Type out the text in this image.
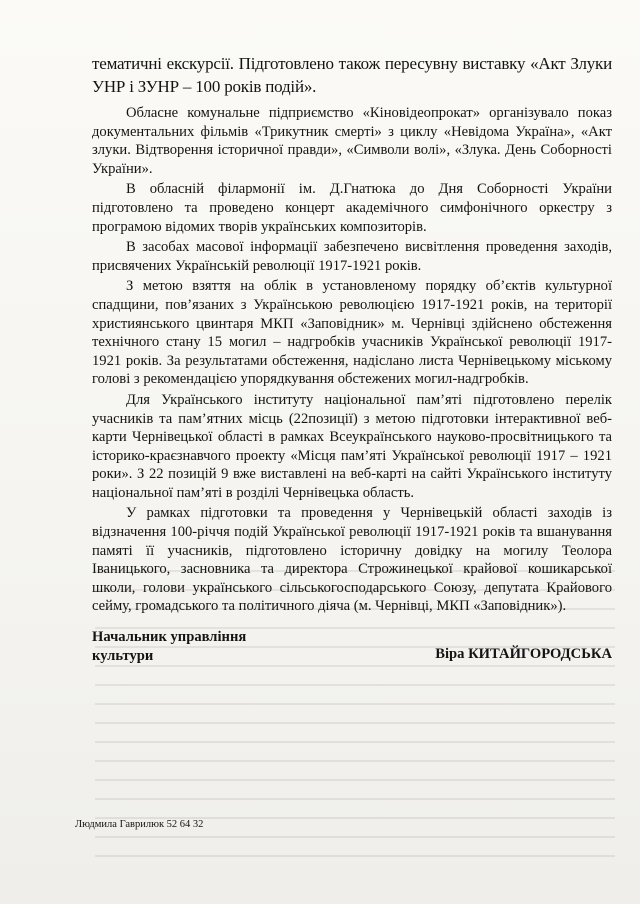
тематичні екскурсії. Підготовлено також пересувну виставку «Акт Злуки УНР і ЗУНР – 100 років подій».

Обласне комунальне підприємство «Кіновідеопрокат» організувало показ документальних фільмів «Трикутник смерті» з циклу «Невідома Україна», «Акт злуки. Відтворення історичної правди», «Символи волі», «Злука. День Соборності України».

В обласній філармонії ім. Д.Гнатюка до Дня Соборності України підготовлено та проведено концерт академічного симфонічного оркестру з програмою відомих творів українських композиторів.

В засобах масової інформації забезпечено висвітлення проведення заходів, присвячених Українській революції 1917-1921 років.

З метою взяття на облік в установленому порядку об’єктів культурної спадщини, пов’язаних з Українською революцією 1917-1921 років, на території християнського цвинтаря МКП «Заповідник» м. Чернівці здійснено обстеження технічного стану 15 могил – надгробків учасників Української революції 1917-1921 років. За результатами обстеження, надіслано листа Чернівецькому міському голові з рекомендацією упорядкування обстежених могил-надгробків.

Для Українського інституту національної пам’яті підготовлено перелік учасників та пам’ятних місць (22позиції) з метою підготовки інтерактивної веб-карти Чернівецької області в рамках Всеукраїнського науково-просвітницького та історико-краєзнавчого проекту «Місця пам’яті Української революції 1917 – 1921 роки». З 22 позицій 9 вже виставлені на веб-карті на сайті Українського інституту національної пам’яті в розділі Чернівецька область.

У рамках підготовки та проведення у Чернівецькій області заходів із відзначення 100-річчя подій Української революції 1917-1921 років та вшанування памяті її учасників, підготовлено історичну довідку на могилу Теолора Іваницького, засновника та директора Строжинецької крайової кошикарської школи, голови українського сільськогосподарського Союзу, депутата Крайового сейму, громадського та політичного діяча (м. Чернівці, МКП «Заповідник»).

Начальник управління культури	Віра КИТАЙГОРОДСЬКА
Людмила Гаврилюк 52 64 32
